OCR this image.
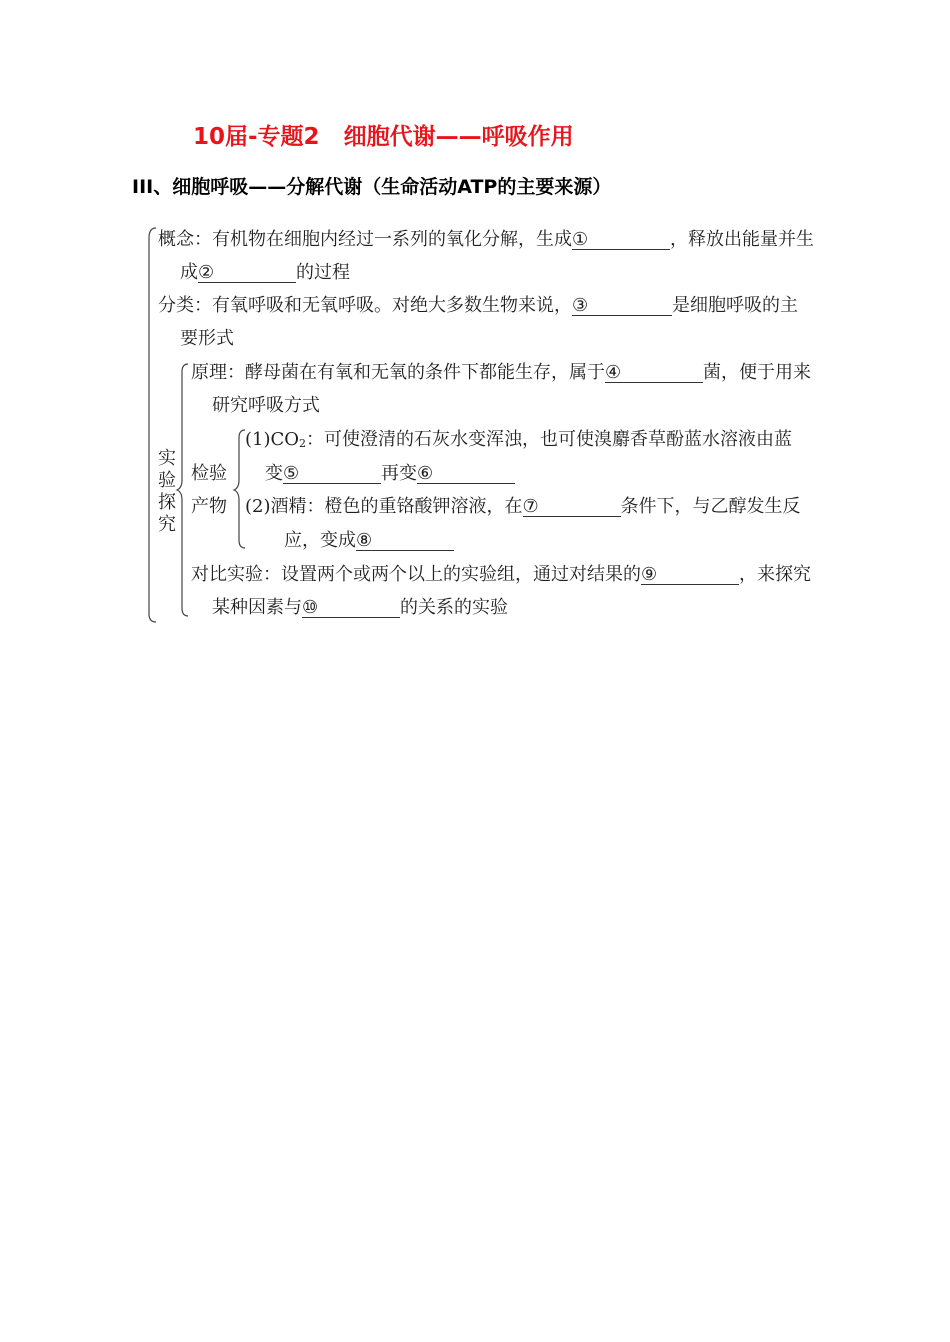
10届-专题2   细胞代谢——呼吸作用
III、细胞呼吸——分解代谢（生命活动ATP的主要来源）
概念：有机物在细胞内经过一系列的氧化分解，生成①	，释放出能量并生
成②	的过程
分类：有氧呼吸和无氧呼吸。对绝大多数生物来说，③	是细胞呼吸的主
要形式
实
验
探
究
原理：酵母菌在有氧和无氧的条件下都能生存，属于④	菌，便于用来
研究呼吸方式
检验
产物
$(1)CO_2$：可使澄清的石灰水变浑浊，也可使溴麝香草酚蓝水溶液由蓝
变⑤	再变⑥
(2)酒精：橙色的重铬酸钾溶液，在⑦	条件下，与乙醇发生反
应，变成⑧
对比实验：设置两个或两个以上的实验组，通过对结果的⑨	，来探究
某种因素与⑩	的关系的实验
